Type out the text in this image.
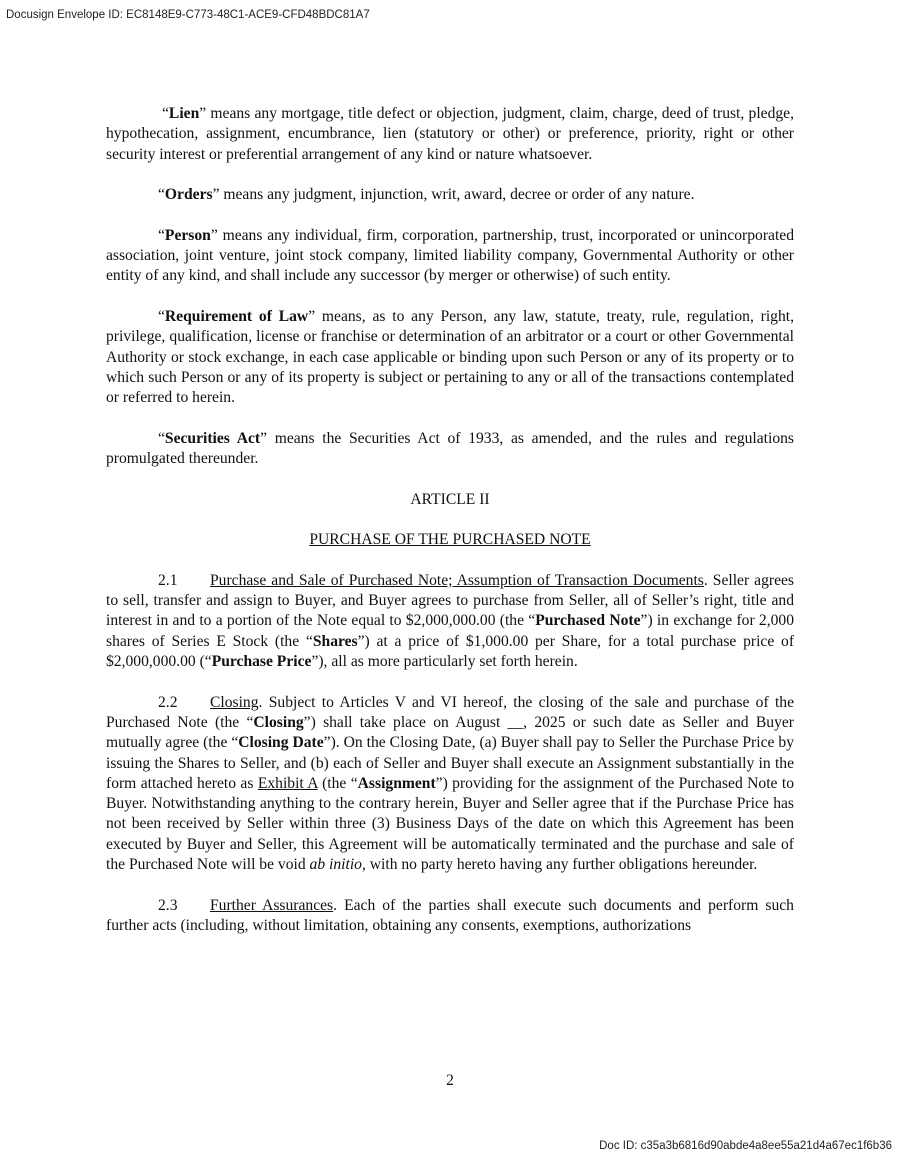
Docusign Envelope ID: EC8148E9-C773-48C1-ACE9-CFD48BDC81A7

“Lien” means any mortgage, title defect or objection, judgment, claim, charge, deed of trust, pledge, hypothecation, assignment, encumbrance, lien (statutory or other) or preference, priority, right or other security interest or preferential arrangement of any kind or nature whatsoever.

“Orders” means any judgment, injunction, writ, award, decree or order of any nature.

“Person” means any individual, firm, corporation, partnership, trust, incorporated or unincorporated association, joint venture, joint stock company, limited liability company, Governmental Authority or other entity of any kind, and shall include any successor (by merger or otherwise) of such entity.

“Requirement of Law” means, as to any Person, any law, statute, treaty, rule, regulation, right, privilege, qualification, license or franchise or determination of an arbitrator or a court or other Governmental Authority or stock exchange, in each case applicable or binding upon such Person or any of its property or to which such Person or any of its property is subject or pertaining to any or all of the transactions contemplated or referred to herein.

“Securities Act” means the Securities Act of 1933, as amended, and the rules and regulations promulgated thereunder.

ARTICLE II

PURCHASE OF THE PURCHASED NOTE

2.1 Purchase and Sale of Purchased Note; Assumption of Transaction Documents. Seller agrees to sell, transfer and assign to Buyer, and Buyer agrees to purchase from Seller, all of Seller’s right, title and interest in and to a portion of the Note equal to $2,000,000.00 (the “Purchased Note”) in exchange for 2,000 shares of Series E Stock (the “Shares”) at a price of $1,000.00 per Share, for a total purchase price of $2,000,000.00 (“Purchase Price”), all as more particularly set forth herein.

2.2 Closing. Subject to Articles V and VI hereof, the closing of the sale and purchase of the Purchased Note (the “Closing”) shall take place on August __, 2025 or such date as Seller and Buyer mutually agree (the “Closing Date”). On the Closing Date, (a) Buyer shall pay to Seller the Purchase Price by issuing the Shares to Seller, and (b) each of Seller and Buyer shall execute an Assignment substantially in the form attached hereto as Exhibit A (the “Assignment”) providing for the assignment of the Purchased Note to Buyer. Notwithstanding anything to the contrary herein, Buyer and Seller agree that if the Purchase Price has not been received by Seller within three (3) Business Days of the date on which this Agreement has been executed by Buyer and Seller, this Agreement will be automatically terminated and the purchase and sale of the Purchased Note will be void ab initio, with no party hereto having any further obligations hereunder.

2.3 Further Assurances. Each of the parties shall execute such documents and perform such further acts (including, without limitation, obtaining any consents, exemptions, authorizations

2
Doc ID: c35a3b6816d90abde4a8ee55a21d4a67ec1f6b36
